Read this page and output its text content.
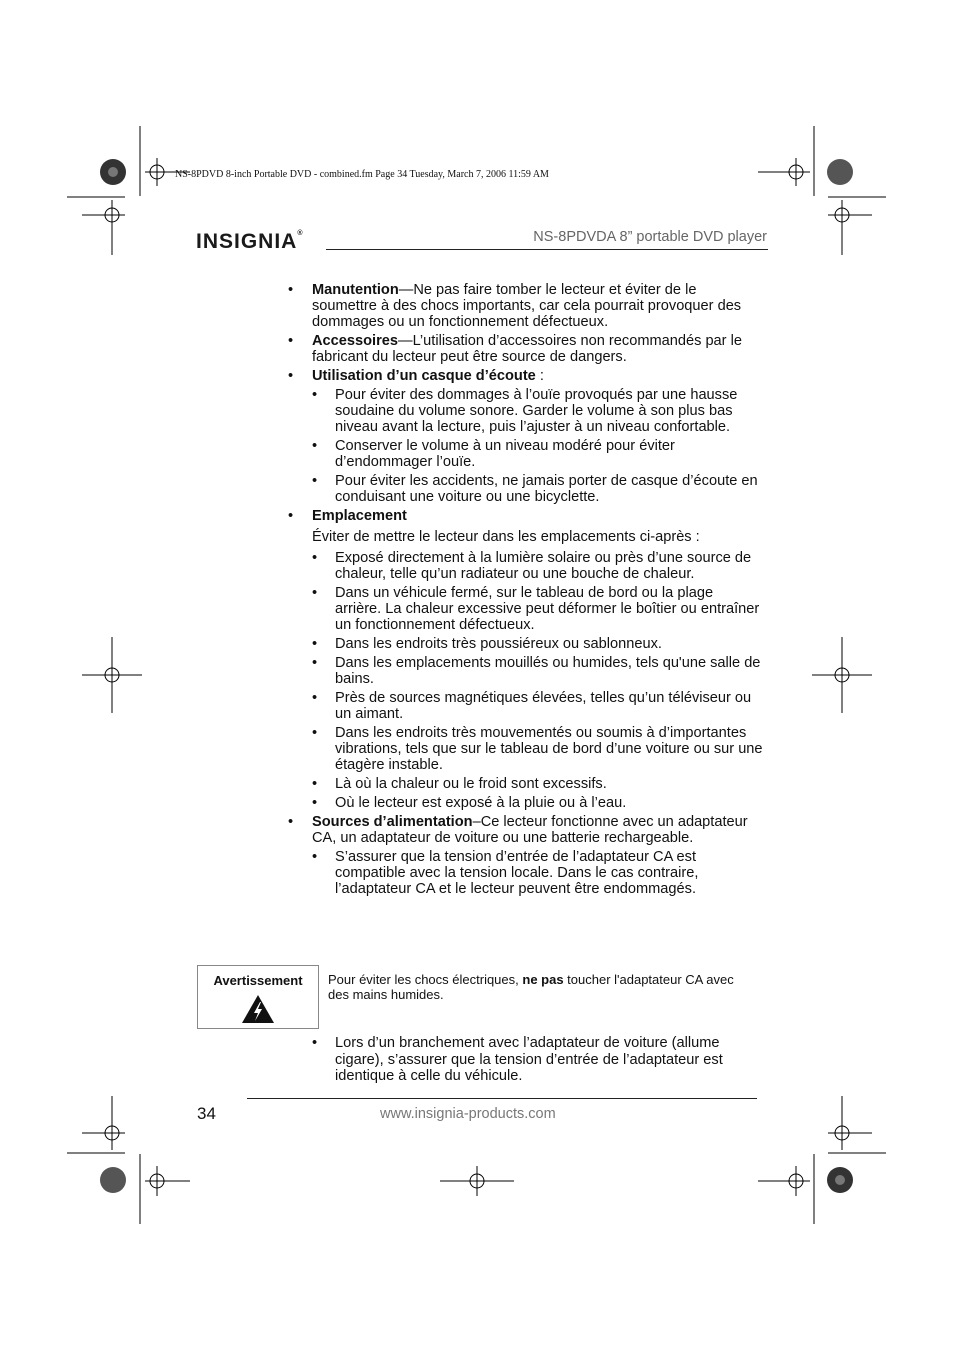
NS-8PDVD 8-inch Portable DVD - combined.fm Page 34 Tuesday, March 7, 2006 11:59 AM
INSIGNIA®	NS-8PDVDA 8” portable DVD player
• Manutention—Ne pas faire tomber le lecteur et éviter de le soumettre à des chocs importants, car cela pourrait provoquer des dommages ou un fonctionnement défectueux.
• Accessoires—L’utilisation d’accessoires non recommandés par le fabricant du lecteur peut être source de dangers.
• Utilisation d’un casque d’écoute :
• Pour éviter des dommages à l’ouïe provoqués par une hausse soudaine du volume sonore. Garder le volume à son plus bas niveau avant la lecture, puis l’ajuster à un niveau confortable.
• Conserver le volume à un niveau modéré pour éviter d’endommager l’ouïe.
• Pour éviter les accidents, ne jamais porter de casque d’écoute en conduisant une voiture ou une bicyclette.
• Emplacement
Éviter de mettre le lecteur dans les emplacements ci-après :
• Exposé directement à la lumière solaire ou près d’une source de chaleur, telle qu’un radiateur ou une bouche de chaleur.
• Dans un véhicule fermé, sur le tableau de bord ou la plage arrière. La chaleur excessive peut déformer le boîtier ou entraîner un fonctionnement défectueux.
• Dans les endroits très poussiéreux ou sablonneux.
• Dans les emplacements mouillés ou humides, tels qu'une salle de bains.
• Près de sources magnétiques élevées, telles qu’un téléviseur ou un aimant.
• Dans les endroits très mouvementés ou soumis à d’importantes vibrations, tels que sur le tableau de bord d’une voiture ou sur une étagère instable.
• Là où la chaleur ou le froid sont excessifs.
• Où le lecteur est exposé à la pluie ou à l’eau.
• Sources d’alimentation–Ce lecteur fonctionne avec un adaptateur CA, un adaptateur de voiture ou une batterie rechargeable.
• S’assurer que la tension d’entrée de l’adaptateur CA est compatible avec la tension locale. Dans le cas contraire, l’adaptateur CA et le lecteur peuvent être endommagés.
Avertissement	Pour éviter les chocs électriques, ne pas toucher l'adaptateur CA avec des mains humides.
• Lors d’un branchement avec l’adaptateur de voiture (allume cigare), s’assurer que la tension d’entrée de l’adaptateur est identique à celle du véhicule.
34	www.insignia-products.com
